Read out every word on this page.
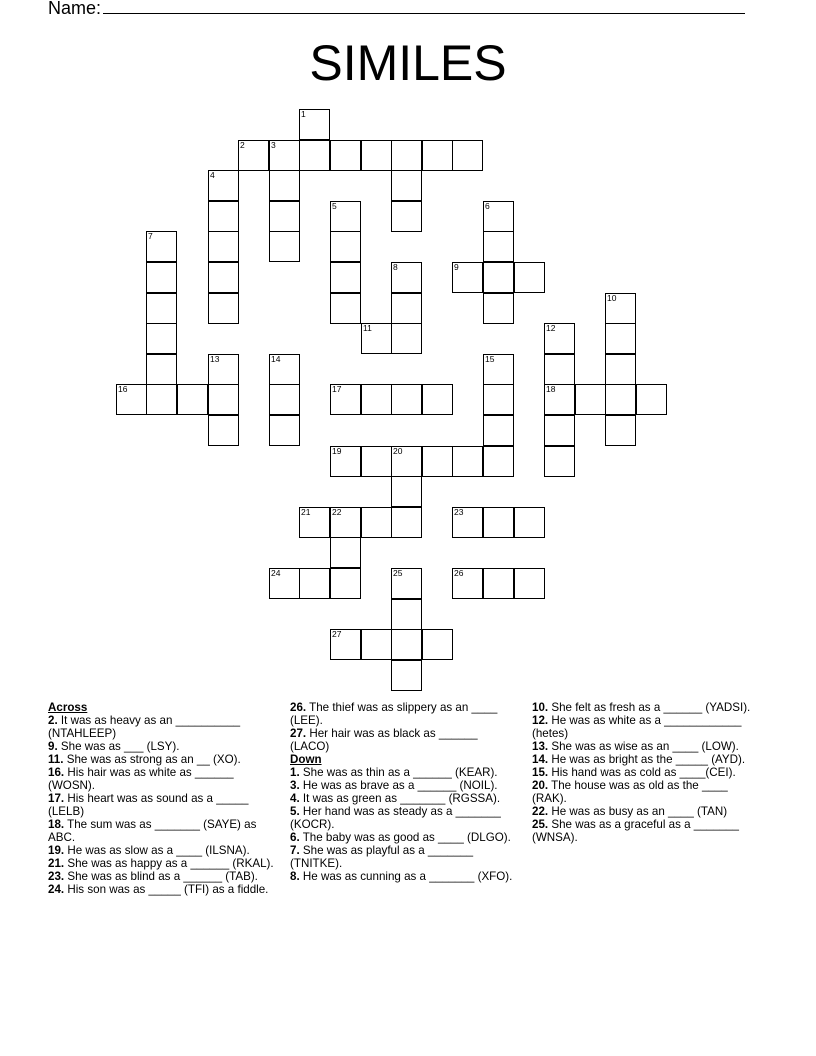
Name:
SIMILES
1
2	3
4
5	6
7
8	9
10
11	12
13	14	15
16	17	18
19	20
21	22	23
24	25	26
27
Across
2. It was as heavy as an __________ (NTAHLEEP)
9. She was as ___ (LSY).
11. She was as strong as an __ (XO).
16. His hair was as white as ______ (WOSN).
17. His heart was as sound as a _____ (LELB)
18. The sum was as _______ (SAYE) as ABC.
19. He was as slow as a ____ (ILSNA).
21. She was as happy as a ______ (RKAL).
23. She was as blind as a ______ (TAB).
24. His son was as _____ (TFI) as a fiddle.
26. The thief was as slippery as an ____ (LEE).
27. Her hair was as black as ______ (LACO)
Down
1. She was as thin as a ______ (KEAR).
3. He was as brave as a ______ (NOIL).
4. It was as green as _______ (RGSSA).
5. Her hand was as steady as a _______ (KOCR).
6. The baby was as good as ____ (DLGO).
7. She was as playful as a _______ (TNITKE).
8. He was as cunning as a _______ (XFO).
10. She felt as fresh as a ______ (YADSI).
12. He was as white as a ____________ (hetes)
13. She was as wise as an ____ (LOW).
14. He was as bright as the _____ (AYD).
15. His hand was as cold as ____(CEI).
20. The house was as old as the ____ (RAK).
22. He was as busy as an ____ (TAN)
25. She was as a graceful as a _______ (WNSA).
